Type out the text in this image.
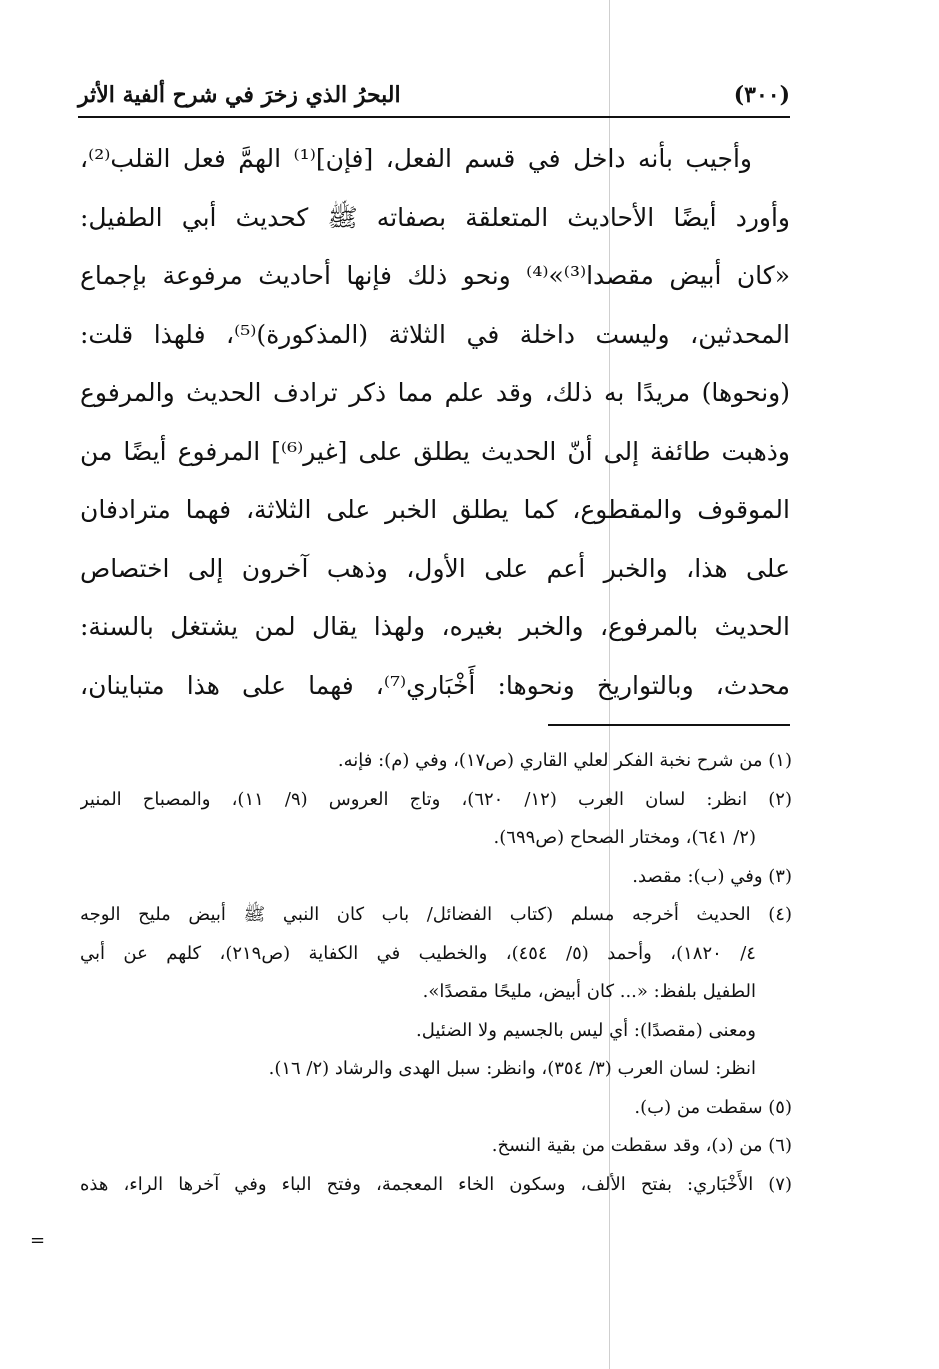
(٣٠٠)
البحرُ الذي زخرَ في شرح ألفية الأثر
وأجيب بأنه داخل في قسم الفعل، [فإن]⁽¹⁾ الهمَّ فعل القلب⁽²⁾،
وأورد أيضًا الأحاديث المتعلقة بصفاته ﷺ كحديث أبي الطفيل:
«كان أبيض مقصدا⁽³⁾»⁽⁴⁾ ونحو ذلك فإنها أحاديث مرفوعة بإجماع
المحدثين، وليست داخلة في الثلاثة (المذكورة)⁽⁵⁾، فلهذا قلت:
(ونحوها) مريدًا به ذلك، وقد علم مما ذكر ترادف الحديث والمرفوع
وذهبت طائفة إلى أنّ الحديث يطلق على [غير⁽⁶⁾] المرفوع أيضًا من
الموقوف والمقطوع، كما يطلق الخبر على الثلاثة، فهما مترادفان
على هذا، والخبر أعم على الأول، وذهب آخرون إلى اختصاص
الحديث بالمرفوع، والخبر بغيره، ولهذا يقال لمن يشتغل بالسنة:
محدث، وبالتواريخ ونحوها: أَخْبَاري⁽⁷⁾، فهما على هذا متباينان،
(١) من شرح نخبة الفكر لعلي القاري (ص١٧)، وفي (م): فإنه.
(٢) انظر: لسان العرب (١٢/ ٦٢٠)، وتاج العروس (٩/ ١١)، والمصباح المنير
(٢/ ٦٤١)، ومختار الصحاح (ص٦٩٩).
(٣) وفي (ب): مقصد.
(٤) الحديث أخرجه مسلم (كتاب الفضائل/ باب كان النبي ﷺ أبيض مليح الوجه
٤/ ١٨٢٠)، وأحمد (٥/ ٤٥٤)، والخطيب في الكفاية (ص٢١٩)، كلهم عن أبي
الطفيل بلفظ: «... كان أبيض، مليحًا مقصدًا».
ومعنى (مقصدًا): أي ليس بالجسيم ولا الضئيل.
انظر: لسان العرب (٣/ ٣٥٤)، وانظر: سبل الهدى والرشاد (٢/ ١٦).
(٥) سقطت من (ب).
(٦) من (د)، وقد سقطت من بقية النسخ.
(٧) الأَخْبَاري: بفتح الألف، وسكون الخاء المعجمة، وفتح الباء وفي آخرها الراء، هذه
=
